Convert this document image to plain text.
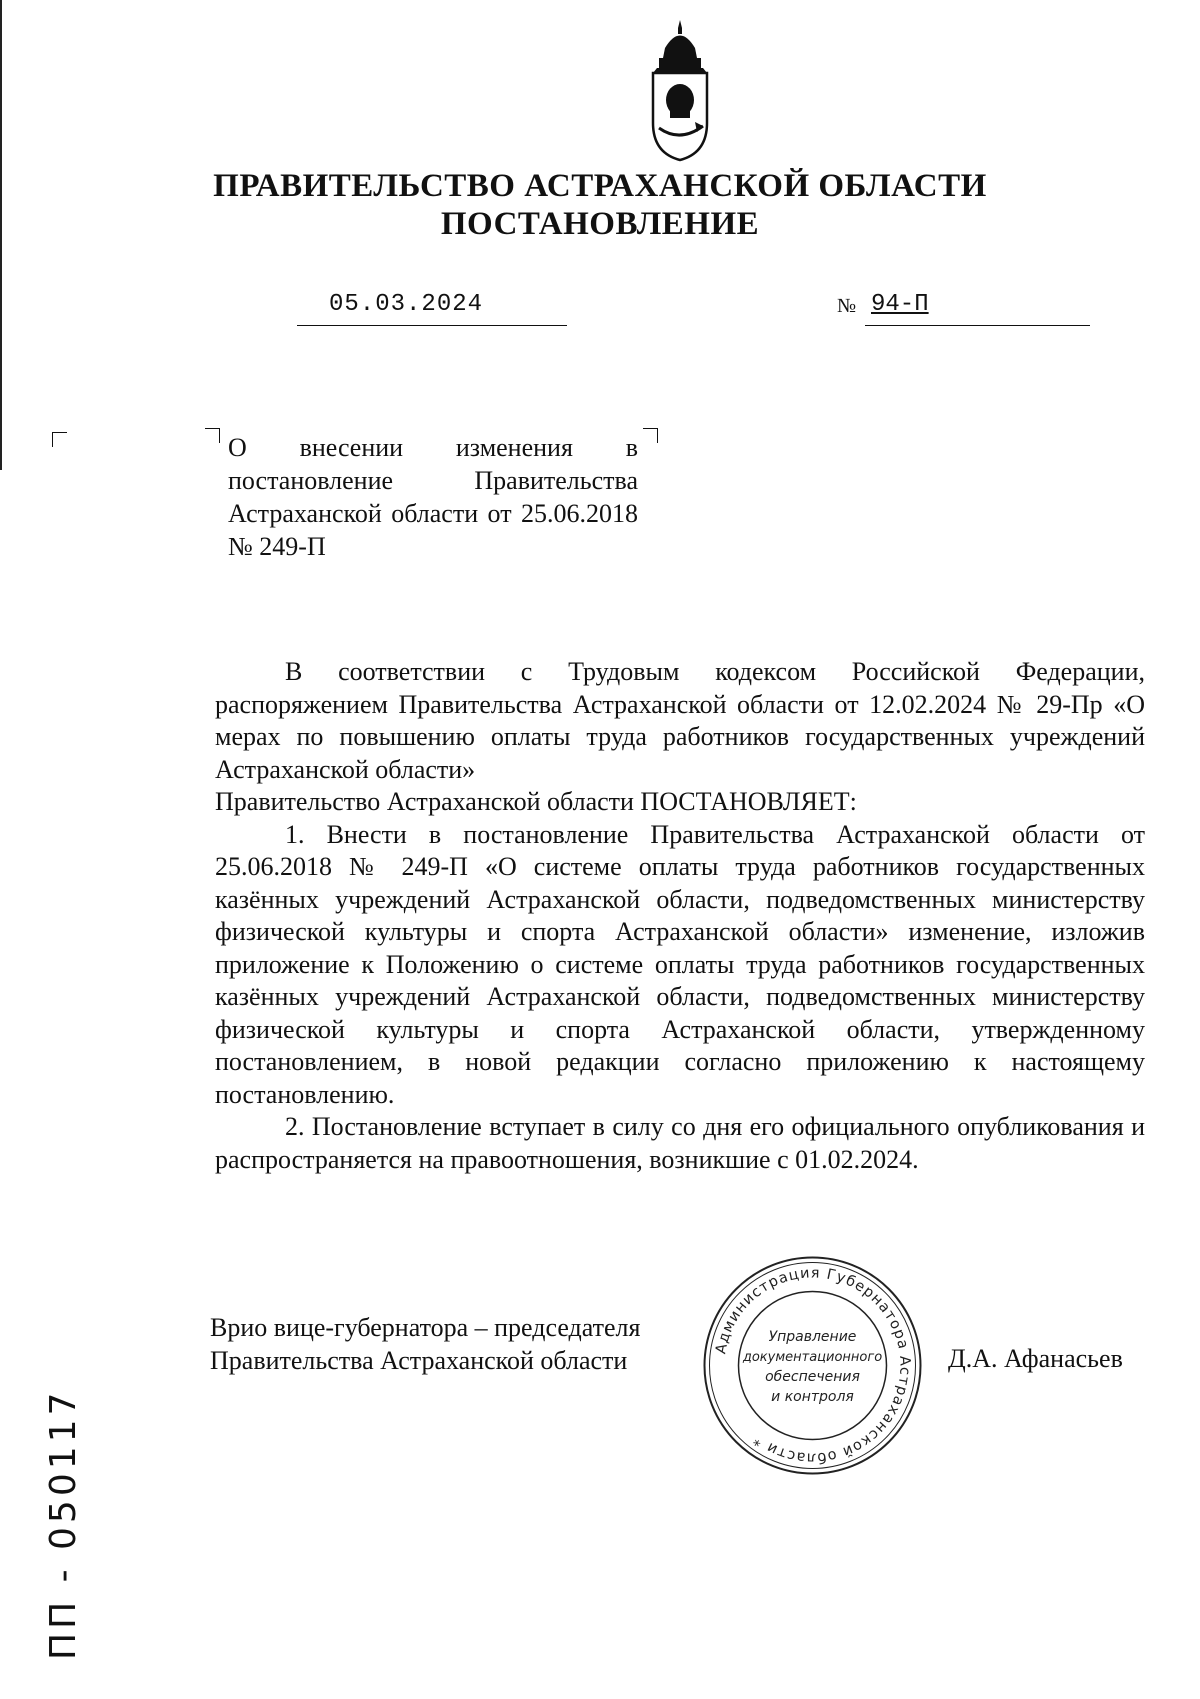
ПРАВИТЕЛЬСТВО АСТРАХАНСКОЙ ОБЛАСТИ
ПОСТАНОВЛЕНИЕ
05.03.2024	№ 94-П
О внесении изменения в постановление Правительства Астраханской области от 25.06.2018 № 249-П

В соответствии с Трудовым кодексом Российской Федерации, распоряжением Правительства Астраханской области от 12.02.2024 № 29-Пр «О мерах по повышению оплаты труда работников государственных учреждений Астраханской области»

Правительство Астраханской области ПОСТАНОВЛЯЕТ:

1. Внести в постановление Правительства Астраханской области от 25.06.2018 № 249-П «О системе оплаты труда работников государственных казённых учреждений Астраханской области, подведомственных министерству физической культуры и спорта Астраханской области» изменение, изложив приложение к Положению о системе оплаты труда работников государственных казённых учреждений Астраханской области, подведомственных министерству физической культуры и спорта Астраханской области, утвержденному постановлением, в новой редакции согласно приложению к настоящему постановлению.

2. Постановление вступает в силу со дня его официального опубликования и распространяется на правоотношения, возникшие с 01.02.2024.

Врио вице-губернатора – председателя
Правительства Астраханской области	Д.А. Афанасьев
Администрация Губернатора Астраханской области *
Управление
документационного
обеспечения
и контроля
ПП - 050117
